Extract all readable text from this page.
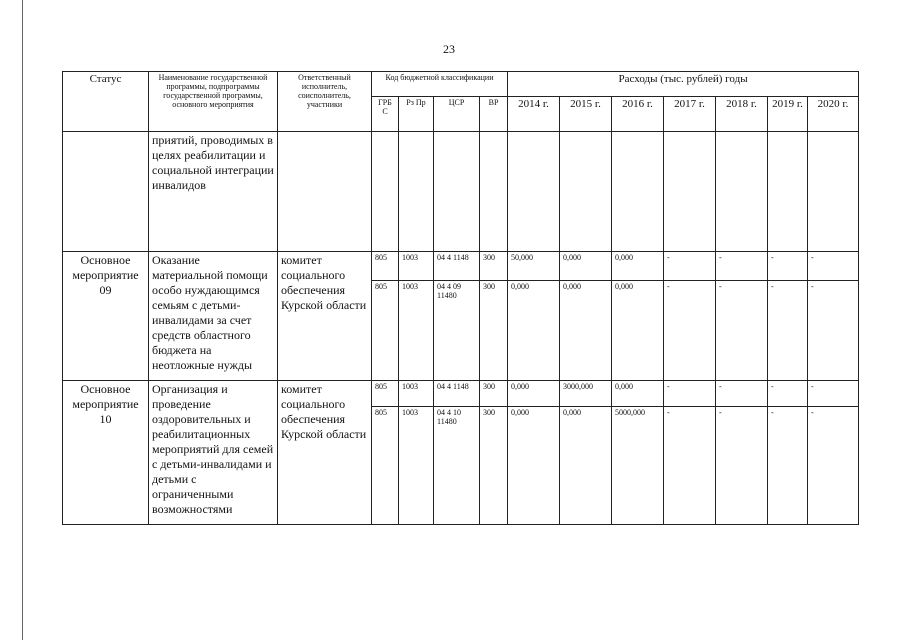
23
Статус	Наименование государственной программы, подпрограммы государственной программы, основного мероприятия	Ответственный исполнитель, соисполнитель, участники	Код бюджетной классификации				Расходы (тыс. рублей) годы						
			ГРБ С	Рз Пр	ЦСР	ВР	2014 г.	2015 г.	2016 г.	2017 г.	2018 г.	2019 г.	2020 г.
	приятий, проводимых в целях реабилитации и социальной интеграции инвалидов												
Основное мероприятие 09	Оказание материальной помощи особо нуждающимся семьям с детьми-инвалидами за счет средств областного бюджета на неотложные нужды	комитет социального обеспечения Курской области	805	1003	04 4 1148	300	50,000	0,000	0,000	-	-	-	-
			805	1003	04 4 09 11480	300	0,000	0,000	0,000	-	-	-	-
Основное мероприятие 10	Организация и проведение оздоровительных и реабилитационных мероприятий для семей с детьми-инвалидами и детьми с ограниченными возможностями	комитет социального обеспечения Курской области	805	1003	04 4 1148	300	0,000	3000,000	0,000	-	-	-	-
			805	1003	04 4 10 11480	300	0,000	0,000	5000,000	-	-	-	-
